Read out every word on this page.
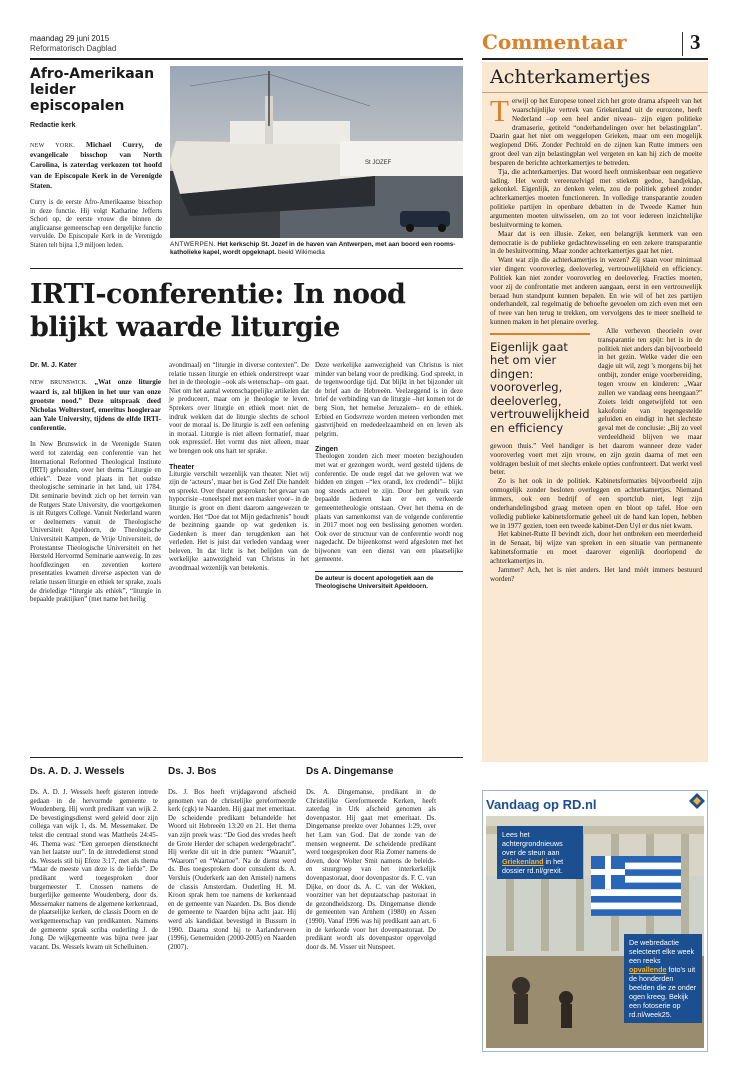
maandag 29 juni 2015
Reformatorisch Dagblad	Commentaar	3
Afro-Amerikaan leider episcopalen
Redactie kerk

NEW YORK. Michael Curry, de evangelicale bisschop van North Carolina, is zaterdag verkozen tot hoofd van de Episcopale Kerk in de Verenigde Staten.

Curry is de eerste Afro-Amerikaanse bisschop in deze functie. Hij volgt Katharine Jefferts Schori op, de eerste vrouw die binnen de anglicaanse gemeenschap een dergelijke functie vervulde. De Episcopale Kerk in de Verenigde Staten telt bijna 1,9 miljoen leden.

St JOZEF
ANTWERPEN. Het kerkschip St. Jozef in de haven van Antwerpen, met aan boord een rooms-katholieke kapel, wordt opgeknapt. beeld Wikimedia
IRTI-conferentie: In nood blijkt waarde liturgie
Dr. M. J. Kater

NEW BRUNSWICK. „Wat onze liturgie waard is, zal blijken in het uur van onze grootste nood.” Deze uitspraak deed Nicholas Wolterstorf, emeritus hoogleraar aan Yale University, tijdens de elfde IRTI-conferentie.

In New Brunswick in de Verenigde Staten werd tot zaterdag een conferentie van het International Reformed Theological Institute (IRTI) gehouden, over het thema “Liturgie en ethiek”. Deze vond plaats in het oudste theologische seminarie in het land, uit 1784. Dit seminarie bevindt zich op het terrein van de Rutgers State University, die voortgekomen is uit Rutgers College. Vanuit Nederland waren er deelnemers vanuit de Theologische Universiteit Apeldoorn, de Theologische Universiteit Kampen, de Vrije Universiteit, de Protestantse Theologische Universiteit en het Hersteld Hervormd Seminarie aanwezig. In zes hoofdlezingen en zeventien kortere presentaties kwamen diverse aspecten van de relatie tussen liturgie en ethiek ter sprake, zoals de drieledige “liturgie als ethiek”, “liturgie in bepaalde praktijken” (met name het heilig

avondmaal) en “liturgie in diverse contexten”. De relatie tussen liturgie en ethiek onderstreept waar het in de theologie –ook als wetenschap– om gaat. Niet om het aantal wetenschappelijke artikelen dat je produceert, maar om je theologie te leven. Sprekers over liturgie en ethiek moet niet de indruk wekken dat de liturgie slechts de school voor de moraal is. De liturgie is zelf een oefening in moraal. Liturgie is niet alleen formatief, maar ook expressief. Het vormt dus niet alleen, maar we brengen ook ons hart ter sprake.

Theater

Liturgie verschilt wezenlijk van theater. Niet wij zijn de ‘acteurs’, maar het is God Zelf Die handelt en spreekt. Over theater gesproken: het gevaar van hypocrisie –toneelspel met een masker voor– in de liturgie is groot en dient daarom aangewezen te worden. Het “Doe dat tot Mijn gedachtenis” houdt de bezinning gaande op wat gedenken is. Gedenken is meer dan terugdenken aan het verleden. Het is juist dat verleden vandaag weer beleven. In dat licht is het belijden van de werkelijke aanwezigheid van Christus in het avondmaal wezenlijk van betekenis.

Deze werkelijke aanwezigheid van Christus is niet minder van belang voor de prediking. God spreekt, in de tegenwoordige tijd. Dat blijkt in het bijzonder uit de brief aan de Hebreeën. Veelzeggend is in deze brief de verbinding van de liturgie –het komen tot de berg Sion, het hemelse Jeruzalem– en de ethiek. Erbied en Godsvreze worden meteen verbonden met gastvrijheid en mededeelzaamheid en en leven als pelgrim.

Zingen

Theologen zouden zich meer moeten bezighouden met wat er gezongen wordt, werd gesteld tijdens de conferentie. De oude regel dat we geloven wat we bidden en zingen –“lex orandi, lex credendi”– blijkt nog steeds actueel te zijn. Door het gebruik van bepaalde liederen kan er een verkeerde gemeentetheologie ontstaan. Over het thema en de plaats van samenkomst van de volgende conferentie in 2017 moet nog een beslissing genomen worden. Ook over de structuur van de conferentie wordt nog nagedacht. De bijeenkomst werd afgesloten met het bijwonen van een dienst van een plaatselijke gemeente.

De auteur is docent apologetiek aan de Theologische Universiteit Apeldoorn.
Ds. A. D. J. Wessels

Ds. A. D. J. Wessels heeft gisteren intrede gedaan in de hervormde gemeente te Woudenberg. Hij wordt predikant van wijk 2. De bevestigingsdienst werd geleid door zijn collega van wijk 1, ds. M. Messemaker. De tekst die centraal stond was Mattheüs 24:45-46. Thema was: “Een geroepen dienstknecht van het laatste uur”. In de intrededienst stond ds. Wessels stil bij Efeze 3:17, met als thema “Maar de meeste van deze is de liefde”. De predikant werd toegesproken door burgemeester T. Cnossen namens de burgerlijke gemeente Woudenberg, door ds. Messemaker namens de algemene kerkenraad, de plaatselijke kerken, de classis Doorn en de werkgemeenschap van predikanten. Namens de gemeente sprak scriba ouderling J. de Jong. De wijkgemeente was bijna twee jaar vacant. Ds. Wessels kwam uit Schelluinen.

Ds. J. Bos

Ds. J. Bos heeft vrijdagavond afscheid genomen van de christelijke gereformeerde kerk (cgk) te Naarden. Hij gaat met emeritaat. De scheidende predikant behandelde het Woord uit Hebreeën 13:20 en 21. Het thema van zijn preek was: “De God des vredes heeft de Grote Herder der schapen wedergebracht”. Hij werkte dit uit in drie punten: “Waaruit”, “Waarom” en “Waartoe”. Na de dienst werd ds. Bos toegesproken door consulent ds. A. Versluis (Ouderkerk aan den Amstel) namens de classis Amsterdam. Ouderling H. M. Kroon sprak hem toe namens de kerkenraad en de gemeente van Naarden. Ds. Bos diende de gemeente te Naarden bijna acht jaar. Hij werd als kandidaat bevestigd in Bussum in 1990. Daarna stond hij te Aarlanderveen (1996), Genemuiden (2000-2005) en Naarden (2007).

Ds A. Dingemanse

Ds. A. Dingemanse, predikant in de Christelijke Gereformeerde Kerken, heeft zaterdag in Urk afscheid genomen als dovenpastor. Hij gaat met emeritaat. Ds. Dingemanse preekte over Johannes 1:29, over het Lam van God. Dat de zonde van de mensen wegneemt. De scheidende predikant werd toegesproken door Ria Zomer namens de doven, door Wolter Smit namens de beleids- en stuurgroep van het interkerkelijk dovenpastoraat, door dovenpastor ds. F. C. van Dijke, en door ds. A. C. van der Wekken, voorzitter van het deputaatschap pastoraat in de gezondheidszorg. Ds. Dingemanse diende de gemeenten van Arnhem (1980) en Assen (1990). Vanaf 1996 was hij predikant aan art. 6 in de kerkorde voor het dovenpastoraat. De predikant wordt als dovenpastor opgevolgd door ds. M. Visser uit Nunspeet.

Achterkamertjes

T erwijl op het Europese toneel zich het grote drama afspeelt van het waarschijnlijke vertrek van Griekenland uit de eurozone, heeft Nederland –op een heel ander niveau– zijn eigen politieke dramaserie, getiteld “onderhandelingen over het belastingplan”. Daarin gaat het niet om weggelopen Grieken, maar om een mogelijk weglopend D66. Zonder Pechtold en de zijnen kan Rutte immers een groot deel van zijn belastingplan wel vergeten en kan hij zich de moeite besparen de berichte achterkamertjes te betreden.

Tja, die achterkamertjes. Dat woord heeft onmiskenbaar een negatieve lading. Het wordt vereenzelvigd met stiekem gedoe, handjeklap, gekonkel. Eigenlijk, zo denken velen, zou de politiek geheel zonder achterkamertjes moeten functioneren. In volledige transparantie zouden politieke partijen in openbare debatten in de Tweede Kamer hun argumenten moeten uitwisselen, om zo tot voor iedereen inzichtelijke besluitvorming te komen.

Maar dat is een illusie. Zeker, een belangrijk kenmerk van een democratie is de publieke gedachtewisseling en een zekere transparantie in de besluitvorming. Maar zonder achterkamertjes gaat het niet.

Want wat zijn die achterkamertjes in wezen? Zij staan voor minimaal vier dingen: vooroverleg, deeloverleg, vertrouwelijkheid en efficiency. Politiek kan niet zonder vooroverleg en deeloverleg. Fracties moeten, voor zij de confrontatie met anderen aangaan, eerst in een vertrouwelijk beraad hun standpunt kunnen bepalen. En wie wil of het zes partijen onderhandelt, zal regelmatig de behoefte gevoelen om zich even met een of twee van hen terug te trekken, om vervolgens des te meer snelheid te kunnen maken in het plenaire overleg.

Eigenlijk gaat het om vier dingen: vooroverleg, deeloverleg, vertrouwelijkheid en efficiency

Alle verheven theorieën over transparantie ten spijt: het is in de politiek niet anders dan bijvoorbeeld in het gezin. Welke vader die een dagje uit wil, zegt 's morgens bij het ontbijt, zonder enige voorbereiding, tegen vrouw en kinderen: „Waar zullen we vandaag eens heengaan?” Zoiets leidt ongetwijfeld tot een kakofonie van tegengestelde geluiden en eindigt in het slechtste geval met de conclusie: „Bij zo veel verdeeldheid blijven we maar gewoon thuis.” Veel handiger is het daarom wanneer deze vader vooroverleg voert met zijn vrouw, en zijn gezin daarna of met een voldragen besluit of met slechts enkele opties confronteert. Dat werkt veel beter.

Zo is het ook in de politiek. Kabinetsformaties bijvoorbeeld zijn onmogelijk zonder besloten overleggen en achterkamertjes. Niemand immers, ook een bedrijf of een sportclub niet, legt zijn onderhandelingsbod graag meteen open en bloot op tafel. Hoe een volledig publieke kabinetsformatie geheel uit de hand kan lopen, hebben we in 1977 gezien, toen een tweede kabinet-Den Uyl er dus niet kwam.

Het kabinet-Rutte II bevindt zich, door het ontbreken een meerderheid in de Senaat, bij wijze van spreken in een situatie van permanente kabinetsformatie en moet daarover eigenlijk doorlopend de achterkamertjes in.

Jammer? Ach, het is niet anders. Het land móét immers bestuurd worden?

Vandaag op RD.nl

Lees het achtergrondnieuws over de steun aan Griekenland in het dossier rd.nl/grexit.

De webredactie selecteert elke week een reeks opvallende foto's uit de honderden beelden die ze onder ogen kreeg. Bekijk een fotoserie op rd.nl/week25.
